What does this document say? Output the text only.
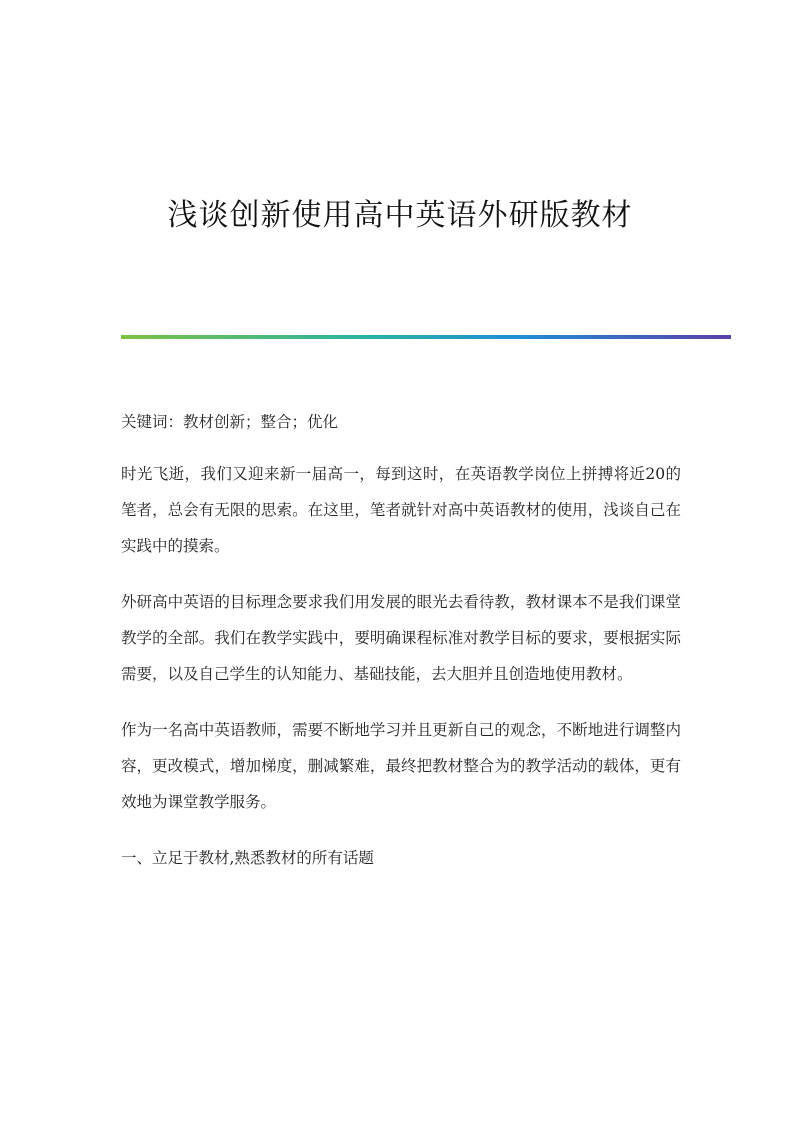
浅谈创新使用高中英语外研版教材

关键词：教材创新；整合；优化

时光飞逝，我们又迎来新一届高一，每到这时，在英语教学岗位上拼搏将近20的笔者，总会有无限的思索。在这里，笔者就针对高中英语教材的使用，浅谈自己在实践中的摸索。

外研高中英语的目标理念要求我们用发展的眼光去看待教，教材课本不是我们课堂教学的全部。我们在教学实践中，要明确课程标准对教学目标的要求，要根据实际需要，以及自己学生的认知能力、基础技能，去大胆并且创造地使用教材。

作为一名高中英语教师，需要不断地学习并且更新自己的观念，不断地进行调整内容，更改模式，增加梯度，删减繁难，最终把教材整合为的教学活动的载体，更有效地为课堂教学服务。

一、立足于教材,熟悉教材的所有话题
